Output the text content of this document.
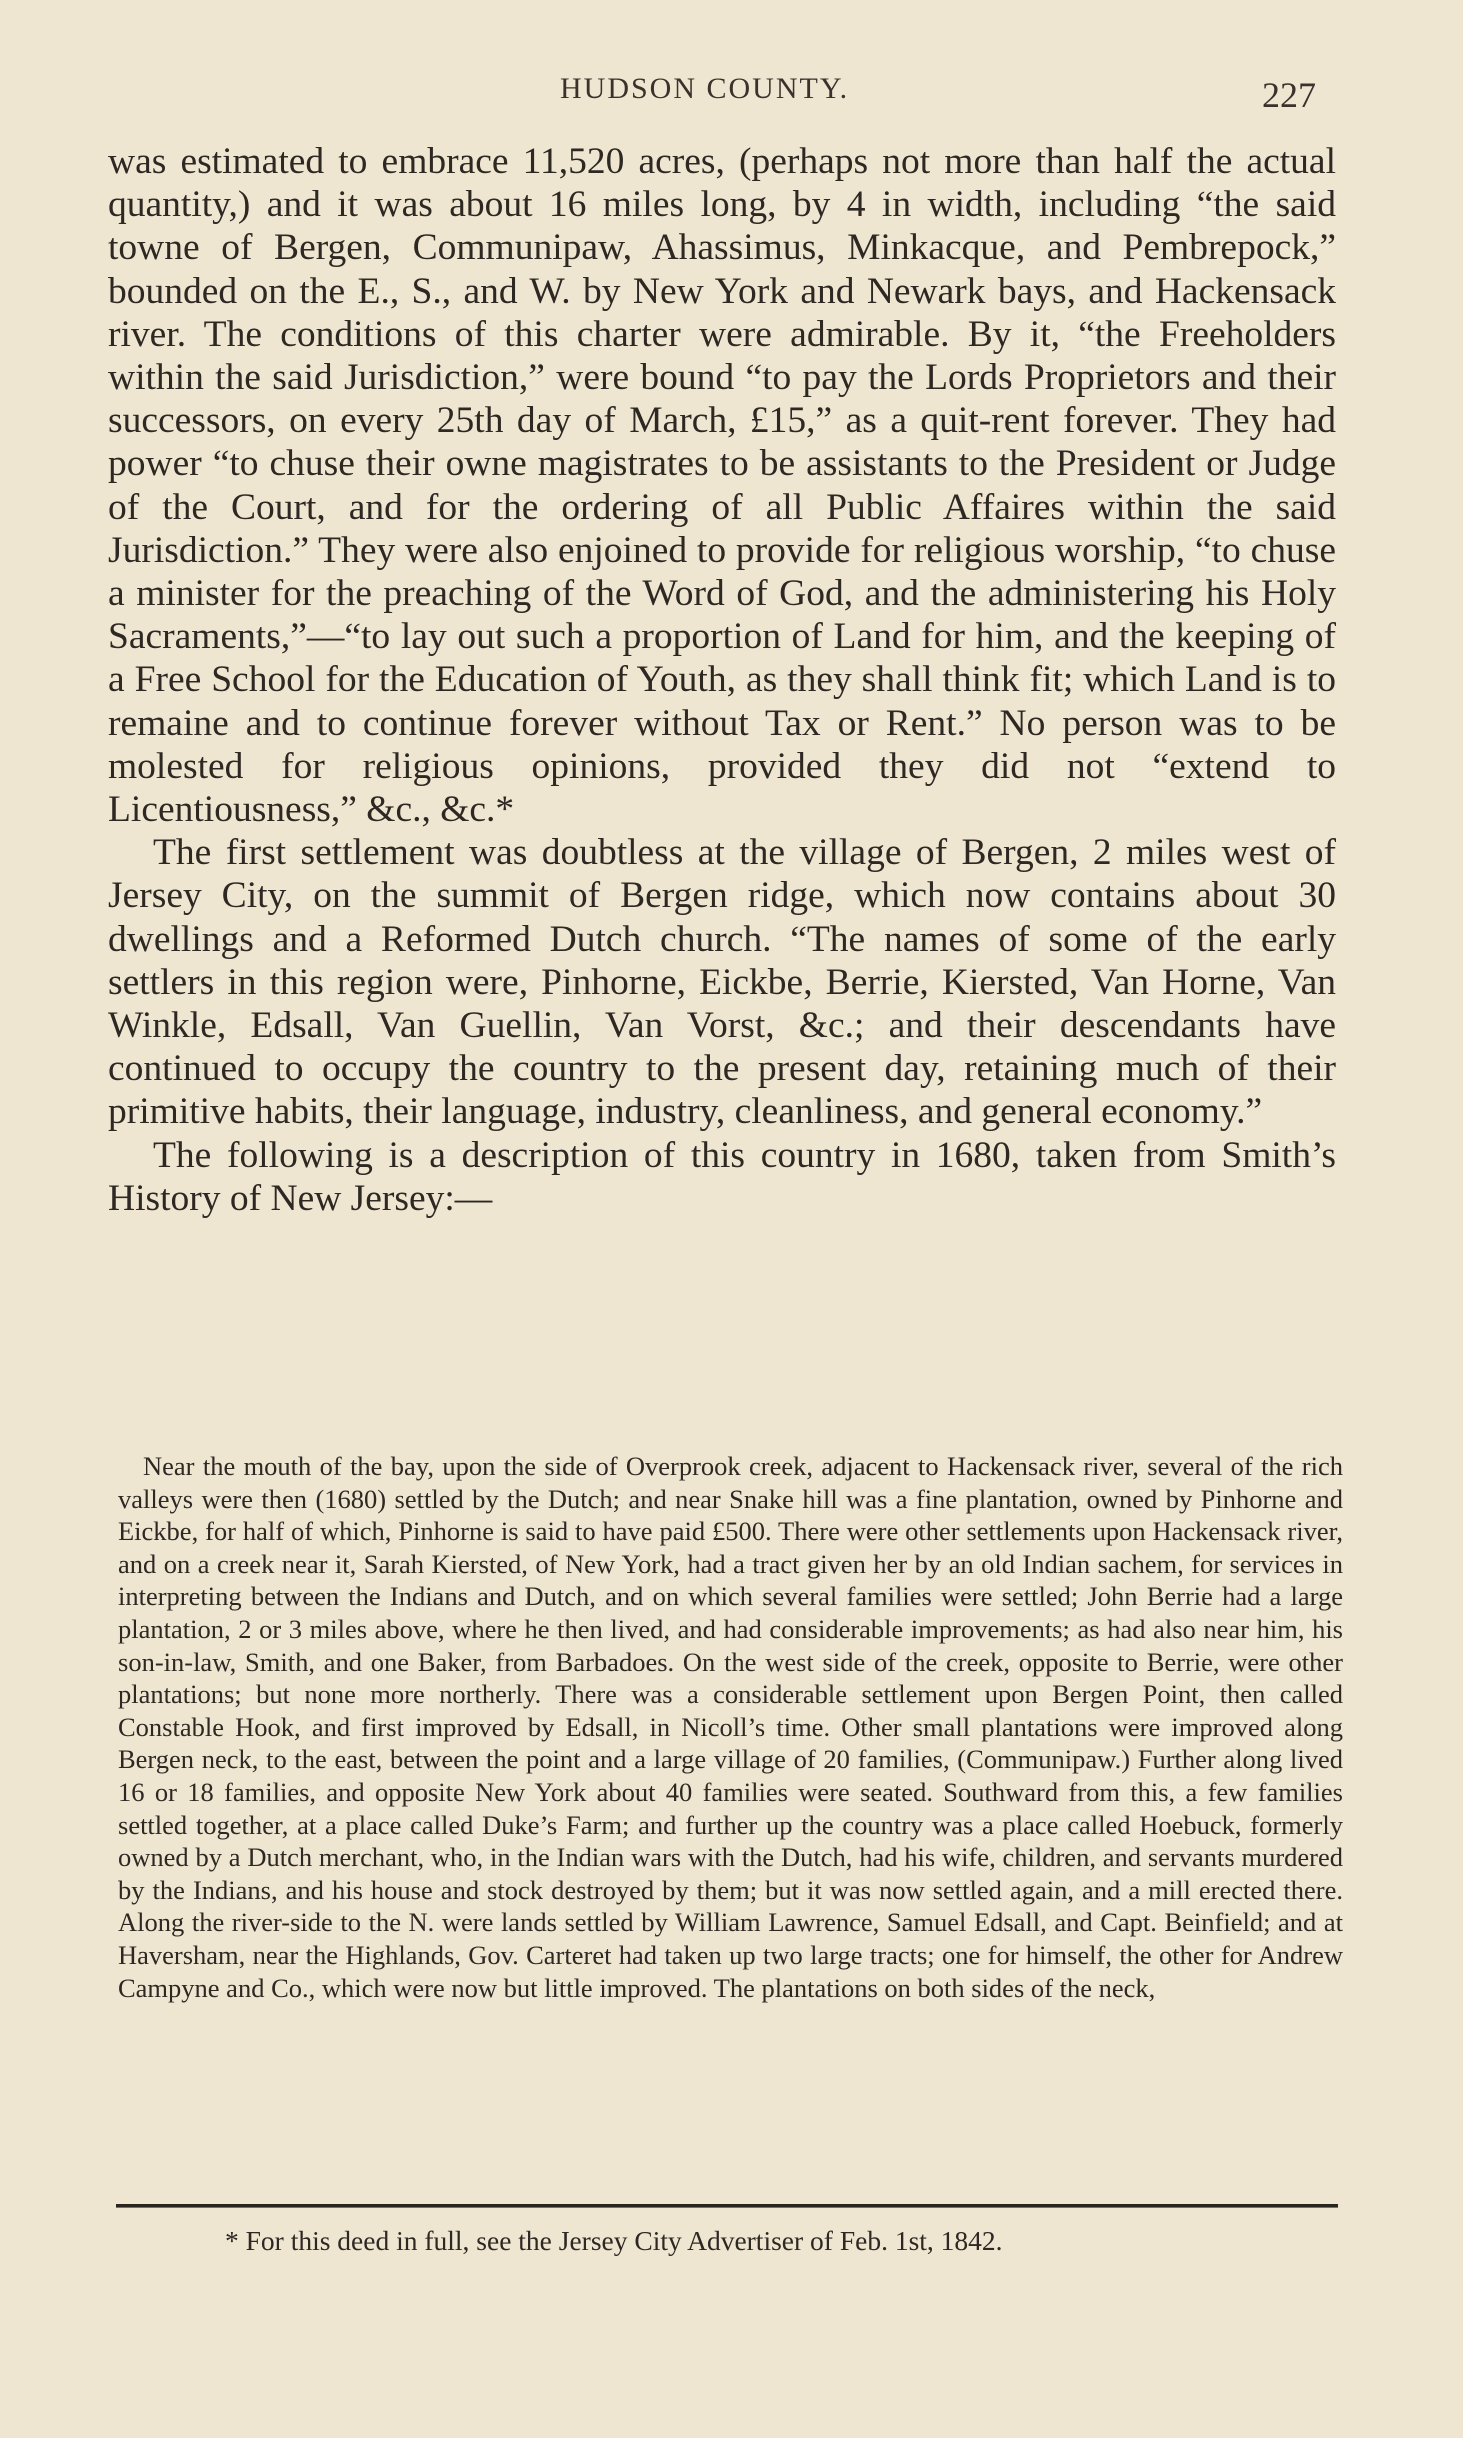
HUDSON COUNTY.	227

was estimated to embrace 11,520 acres, (perhaps not more than half the actual quantity,) and it was about 16 miles long, by 4 in width, including “the said towne of Bergen, Communipaw, Ahassimus, Minkacque, and Pembrepock,” bounded on the E., S., and W. by New York and Newark bays, and Hackensack river. The conditions of this charter were admirable. By it, “the Freeholders within the said Jurisdiction,” were bound “to pay the Lords Proprietors and their successors, on every 25th day of March, £15,” as a quit-rent forever. They had power “to chuse their owne magistrates to be assistants to the President or Judge of the Court, and for the ordering of all Public Affaires within the said Jurisdiction.” They were also enjoined to provide for religious worship, “to chuse a minister for the preaching of the Word of God, and the administering his Holy Sacraments,”—“to lay out such a proportion of Land for him, and the keeping of a Free School for the Education of Youth, as they shall think fit; which Land is to remaine and to continue forever without Tax or Rent.” No person was to be molested for religious opinions, provided they did not “extend to Licentiousness,” &c., &c.*

The first settlement was doubtless at the village of Bergen, 2 miles west of Jersey City, on the summit of Bergen ridge, which now contains about 30 dwellings and a Reformed Dutch church. “The names of some of the early settlers in this region were, Pinhorne, Eickbe, Berrie, Kiersted, Van Horne, Van Winkle, Edsall, Van Guellin, Van Vorst, &c.; and their descendants have continued to occupy the country to the present day, retaining much of their primitive habits, their language, industry, cleanliness, and general economy.”

The following is a description of this country in 1680, taken from Smith’s History of New Jersey:—

Near the mouth of the bay, upon the side of Overprook creek, adjacent to Hackensack river, several of the rich valleys were then (1680) settled by the Dutch; and near Snake hill was a fine plantation, owned by Pinhorne and Eickbe, for half of which, Pinhorne is said to have paid £500. There were other settlements upon Hackensack river, and on a creek near it, Sarah Kiersted, of New York, had a tract given her by an old Indian sachem, for services in interpreting between the Indians and Dutch, and on which several families were settled; John Berrie had a large plantation, 2 or 3 miles above, where he then lived, and had considerable improvements; as had also near him, his son-in-law, Smith, and one Baker, from Barbadoes. On the west side of the creek, opposite to Berrie, were other plantations; but none more northerly. There was a considerable settlement upon Bergen Point, then called Constable Hook, and first improved by Edsall, in Nicoll’s time. Other small plantations were improved along Bergen neck, to the east, between the point and a large village of 20 families, (Communipaw.) Further along lived 16 or 18 families, and opposite New York about 40 families were seated. Southward from this, a few families settled together, at a place called Duke’s Farm; and further up the country was a place called Hoebuck, formerly owned by a Dutch merchant, who, in the Indian wars with the Dutch, had his wife, children, and servants murdered by the Indians, and his house and stock destroyed by them; but it was now settled again, and a mill erected there. Along the river-side to the N. were lands settled by William Lawrence, Samuel Edsall, and Capt. Beinfield; and at Haversham, near the Highlands, Gov. Carteret had taken up two large tracts; one for himself, the other for Andrew Campyne and Co., which were now but little improved. The plantations on both sides of the neck,

* For this deed in full, see the Jersey City Advertiser of Feb. 1st, 1842.
